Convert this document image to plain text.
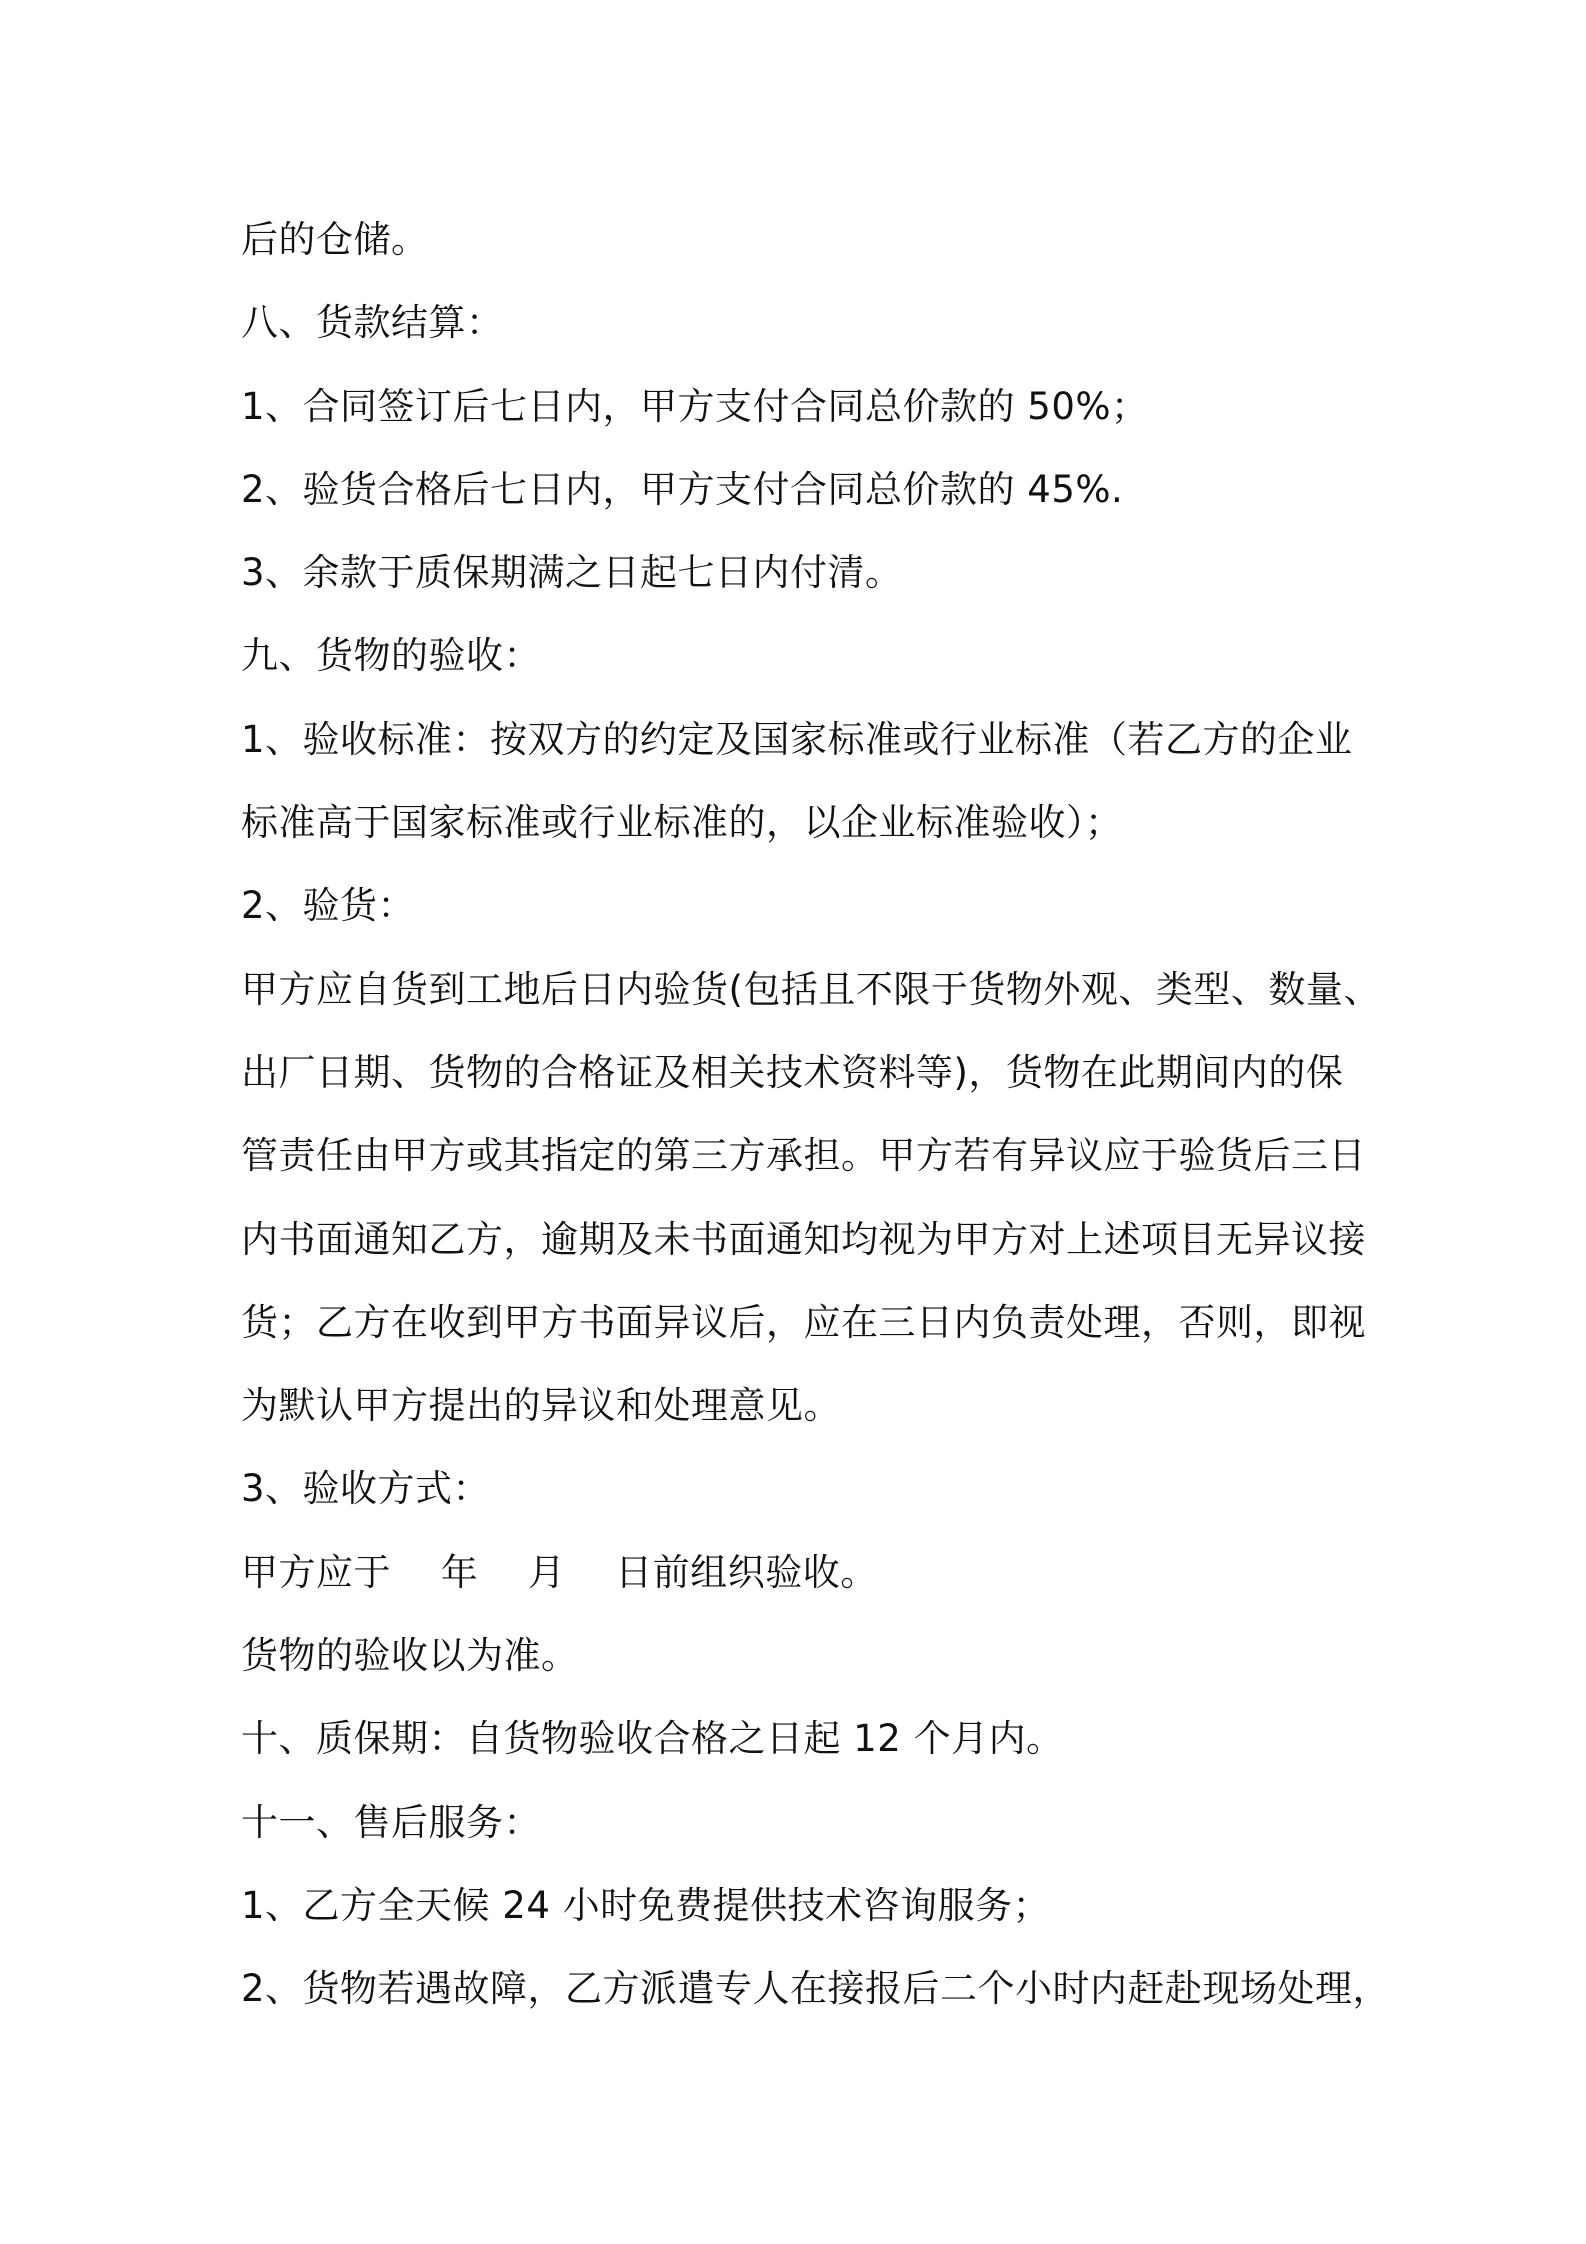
后的仓储。
八、货款结算：
1、合同签订后七日内，甲方支付合同总价款的 50%；
2、验货合格后七日内，甲方支付合同总价款的 45%.
3、余款于质保期满之日起七日内付清。
九、货物的验收：
1、验收标准：按双方的约定及国家标准或行业标准（若乙方的企业
标准高于国家标准或行业标准的，以企业标准验收）；
2、验货：
甲方应自货到工地后日内验货(包括且不限于货物外观、类型、数量、
出厂日期、货物的合格证及相关技术资料等)，货物在此期间内的保
管责任由甲方或其指定的第三方承担。甲方若有异议应于验货后三日
内书面通知乙方，逾期及未书面通知均视为甲方对上述项目无异议接
货；乙方在收到甲方书面异议后，应在三日内负责处理，否则，即视
为默认甲方提出的异议和处理意见。
3、验收方式：
甲方应于　 年　 月　 日前组织验收。
货物的验收以为准。
十、质保期：自货物验收合格之日起 12 个月内。
十一、售后服务：
1、乙方全天候 24 小时免费提供技术咨询服务；
2、货物若遇故障，乙方派遣专人在接报后二个小时内赶赴现场处理，
